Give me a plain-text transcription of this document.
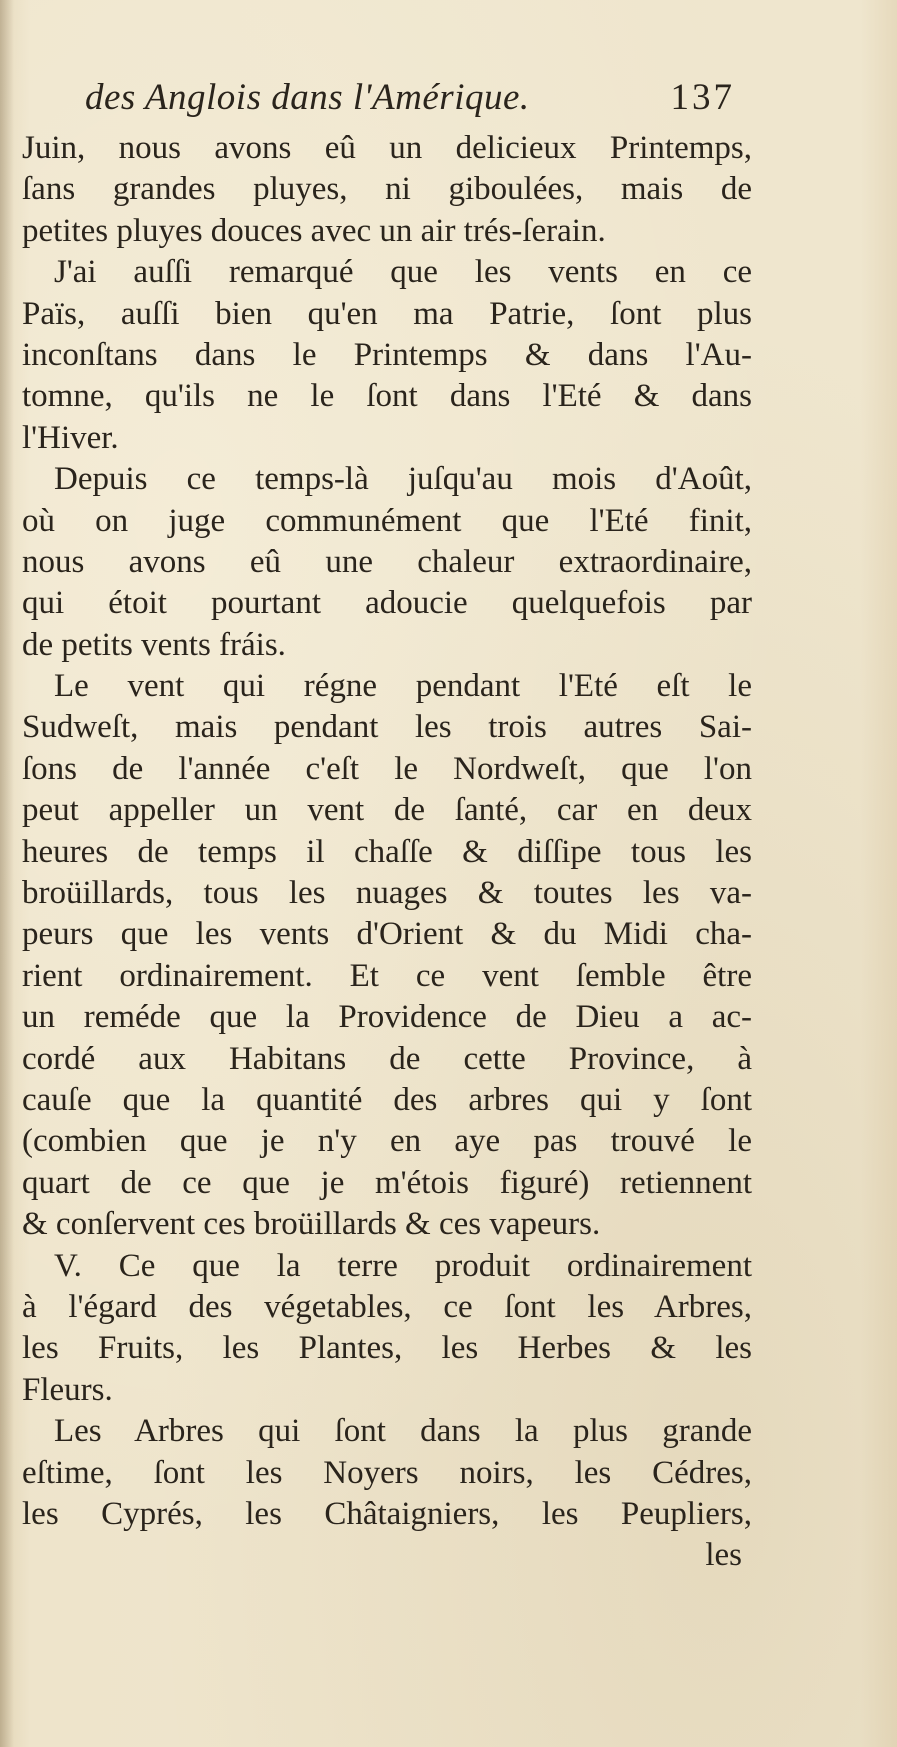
des Anglois dans l'Amérique.	137
Juin, nous avons eû un delicieux Printemps,
ſans grandes pluyes, ni giboulées, mais de
petites pluyes douces avec un air trés-ſerain.
J'ai auſſi remarqué que les vents en ce
Païs, auſſi bien qu'en ma Patrie, ſont plus
inconſtans dans le Printemps & dans l'Au-
tomne, qu'ils ne le ſont dans l'Eté & dans
l'Hiver.
Depuis ce temps-là juſqu'au mois d'Août,
où on juge communément que l'Eté finit,
nous avons eû une chaleur extraordinaire,
qui étoit pourtant adoucie quelquefois par
de petits vents fráis.
Le vent qui régne pendant l'Eté eſt le
Sudweſt, mais pendant les trois autres Sai-
ſons de l'année c'eſt le Nordweſt, que l'on
peut appeller un vent de ſanté, car en deux
heures de temps il chaſſe & diſſipe tous les
broüillards, tous les nuages & toutes les va-
peurs que les vents d'Orient & du Midi cha-
rient ordinairement. Et ce vent ſemble être
un reméde que la Providence de Dieu a ac-
cordé aux Habitans de cette Province, à
cauſe que la quantité des arbres qui y ſont
(combien que je n'y en aye pas trouvé le
quart de ce que je m'étois figuré) retiennent
& conſervent ces broüillards & ces vapeurs.
V. Ce que la terre produit ordinairement
à l'égard des végetables, ce ſont les Arbres,
les Fruits, les Plantes, les Herbes & les
Fleurs.
Les Arbres qui ſont dans la plus grande
eſtime, ſont les Noyers noirs, les Cédres,
les Cyprés, les Châtaigniers, les Peupliers,
les
